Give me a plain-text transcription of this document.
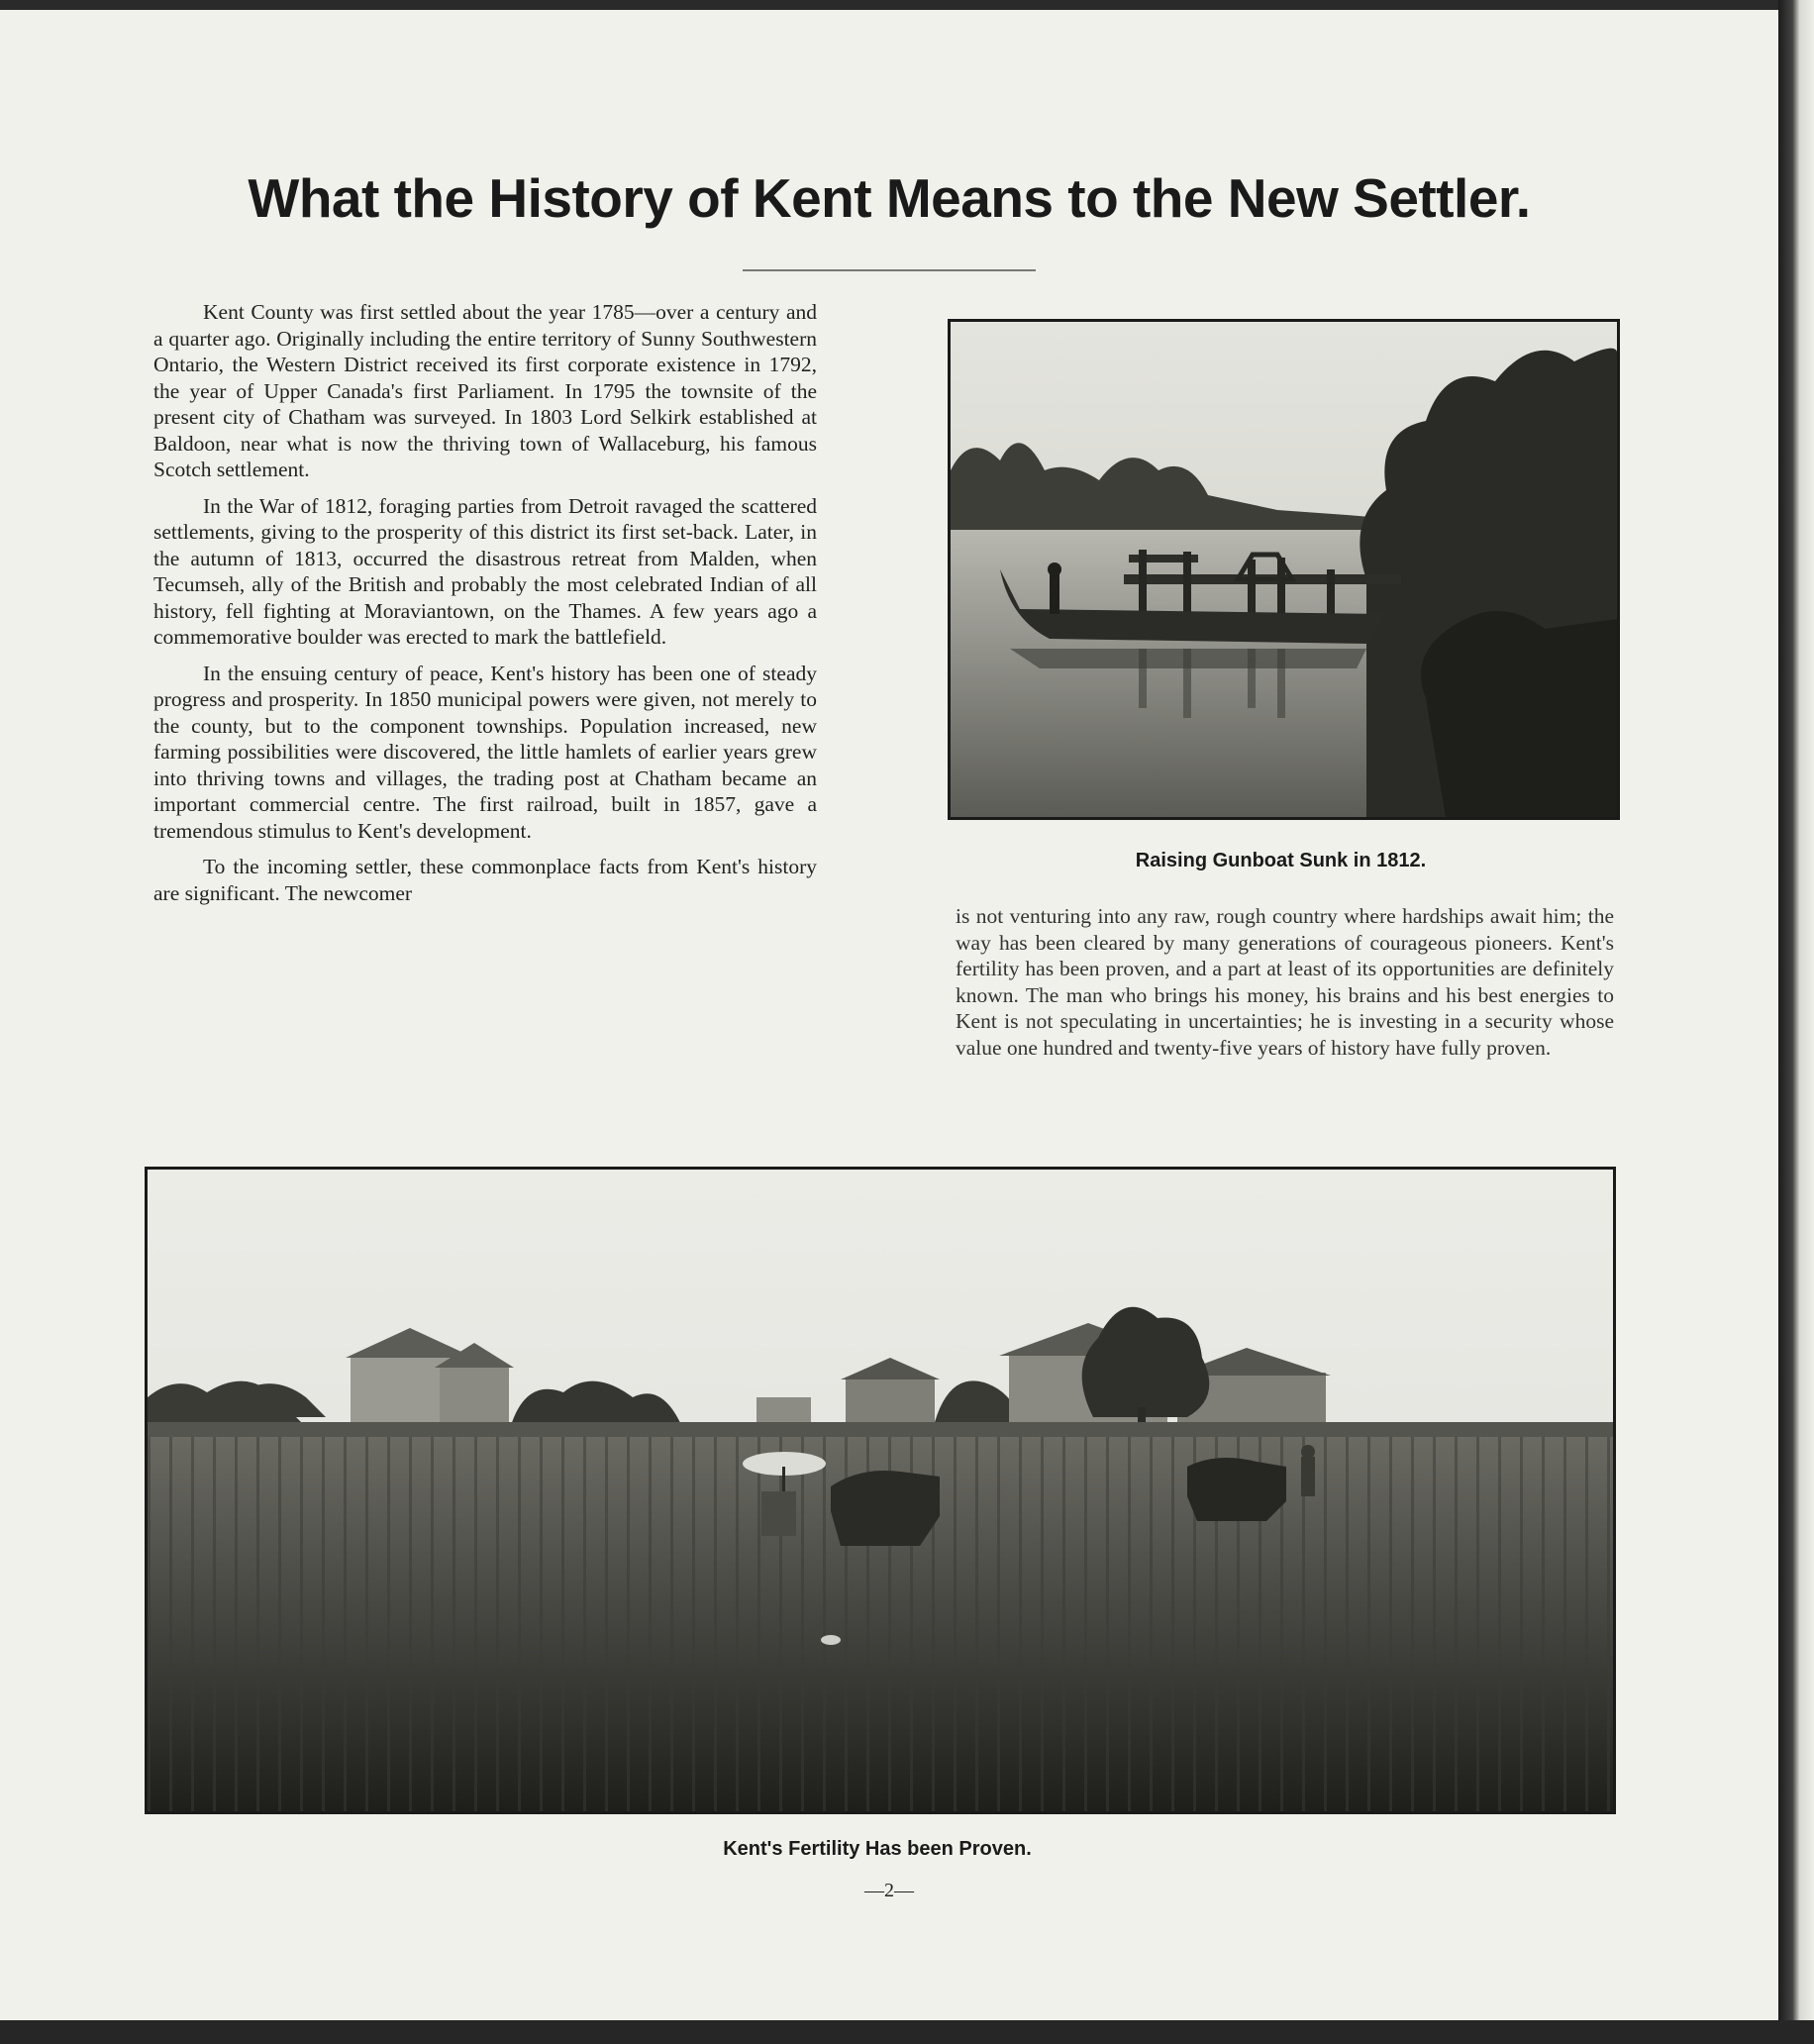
What the History of Kent Means to the New Settler.

Kent County was first settled about the year 1785—over a century and a quarter ago. Originally including the entire territory of Sunny Southwestern Ontario, the Western District received its first corporate existence in 1792, the year of Upper Canada's first Parliament. In 1795 the townsite of the present city of Chatham was surveyed. In 1803 Lord Selkirk established at Baldoon, near what is now the thriving town of Wallaceburg, his famous Scotch settlement.

In the War of 1812, foraging parties from Detroit ravaged the scattered settlements, giving to the prosperity of this district its first set-back. Later, in the autumn of 1813, occurred the disastrous retreat from Malden, when Tecumseh, ally of the British and probably the most celebrated Indian of all history, fell fighting at Moraviantown, on the Thames. A few years ago a commemorative boulder was erected to mark the battlefield.

In the ensuing century of peace, Kent's history has been one of steady progress and prosperity. In 1850 municipal powers were given, not merely to the county, but to the component townships. Population increased, new farming possibilities were discovered, the little hamlets of earlier years grew into thriving towns and villages, the trading post at Chatham became an important commercial centre. The first railroad, built in 1857, gave a tremendous stimulus to Kent's development.

To the incoming settler, these commonplace facts from Kent's history are significant. The newcomer

Raising Gunboat Sunk in 1812.

is not venturing into any raw, rough country where hardships await him; the way has been cleared by many generations of courageous pioneers. Kent's fertility has been proven, and a part at least of its opportunities are definitely known. The man who brings his money, his brains and his best energies to Kent is not speculating in uncertainties; he is investing in a security whose value one hundred and twenty-five years of history have fully proven.

Kent's Fertility Has been Proven.

—2—
